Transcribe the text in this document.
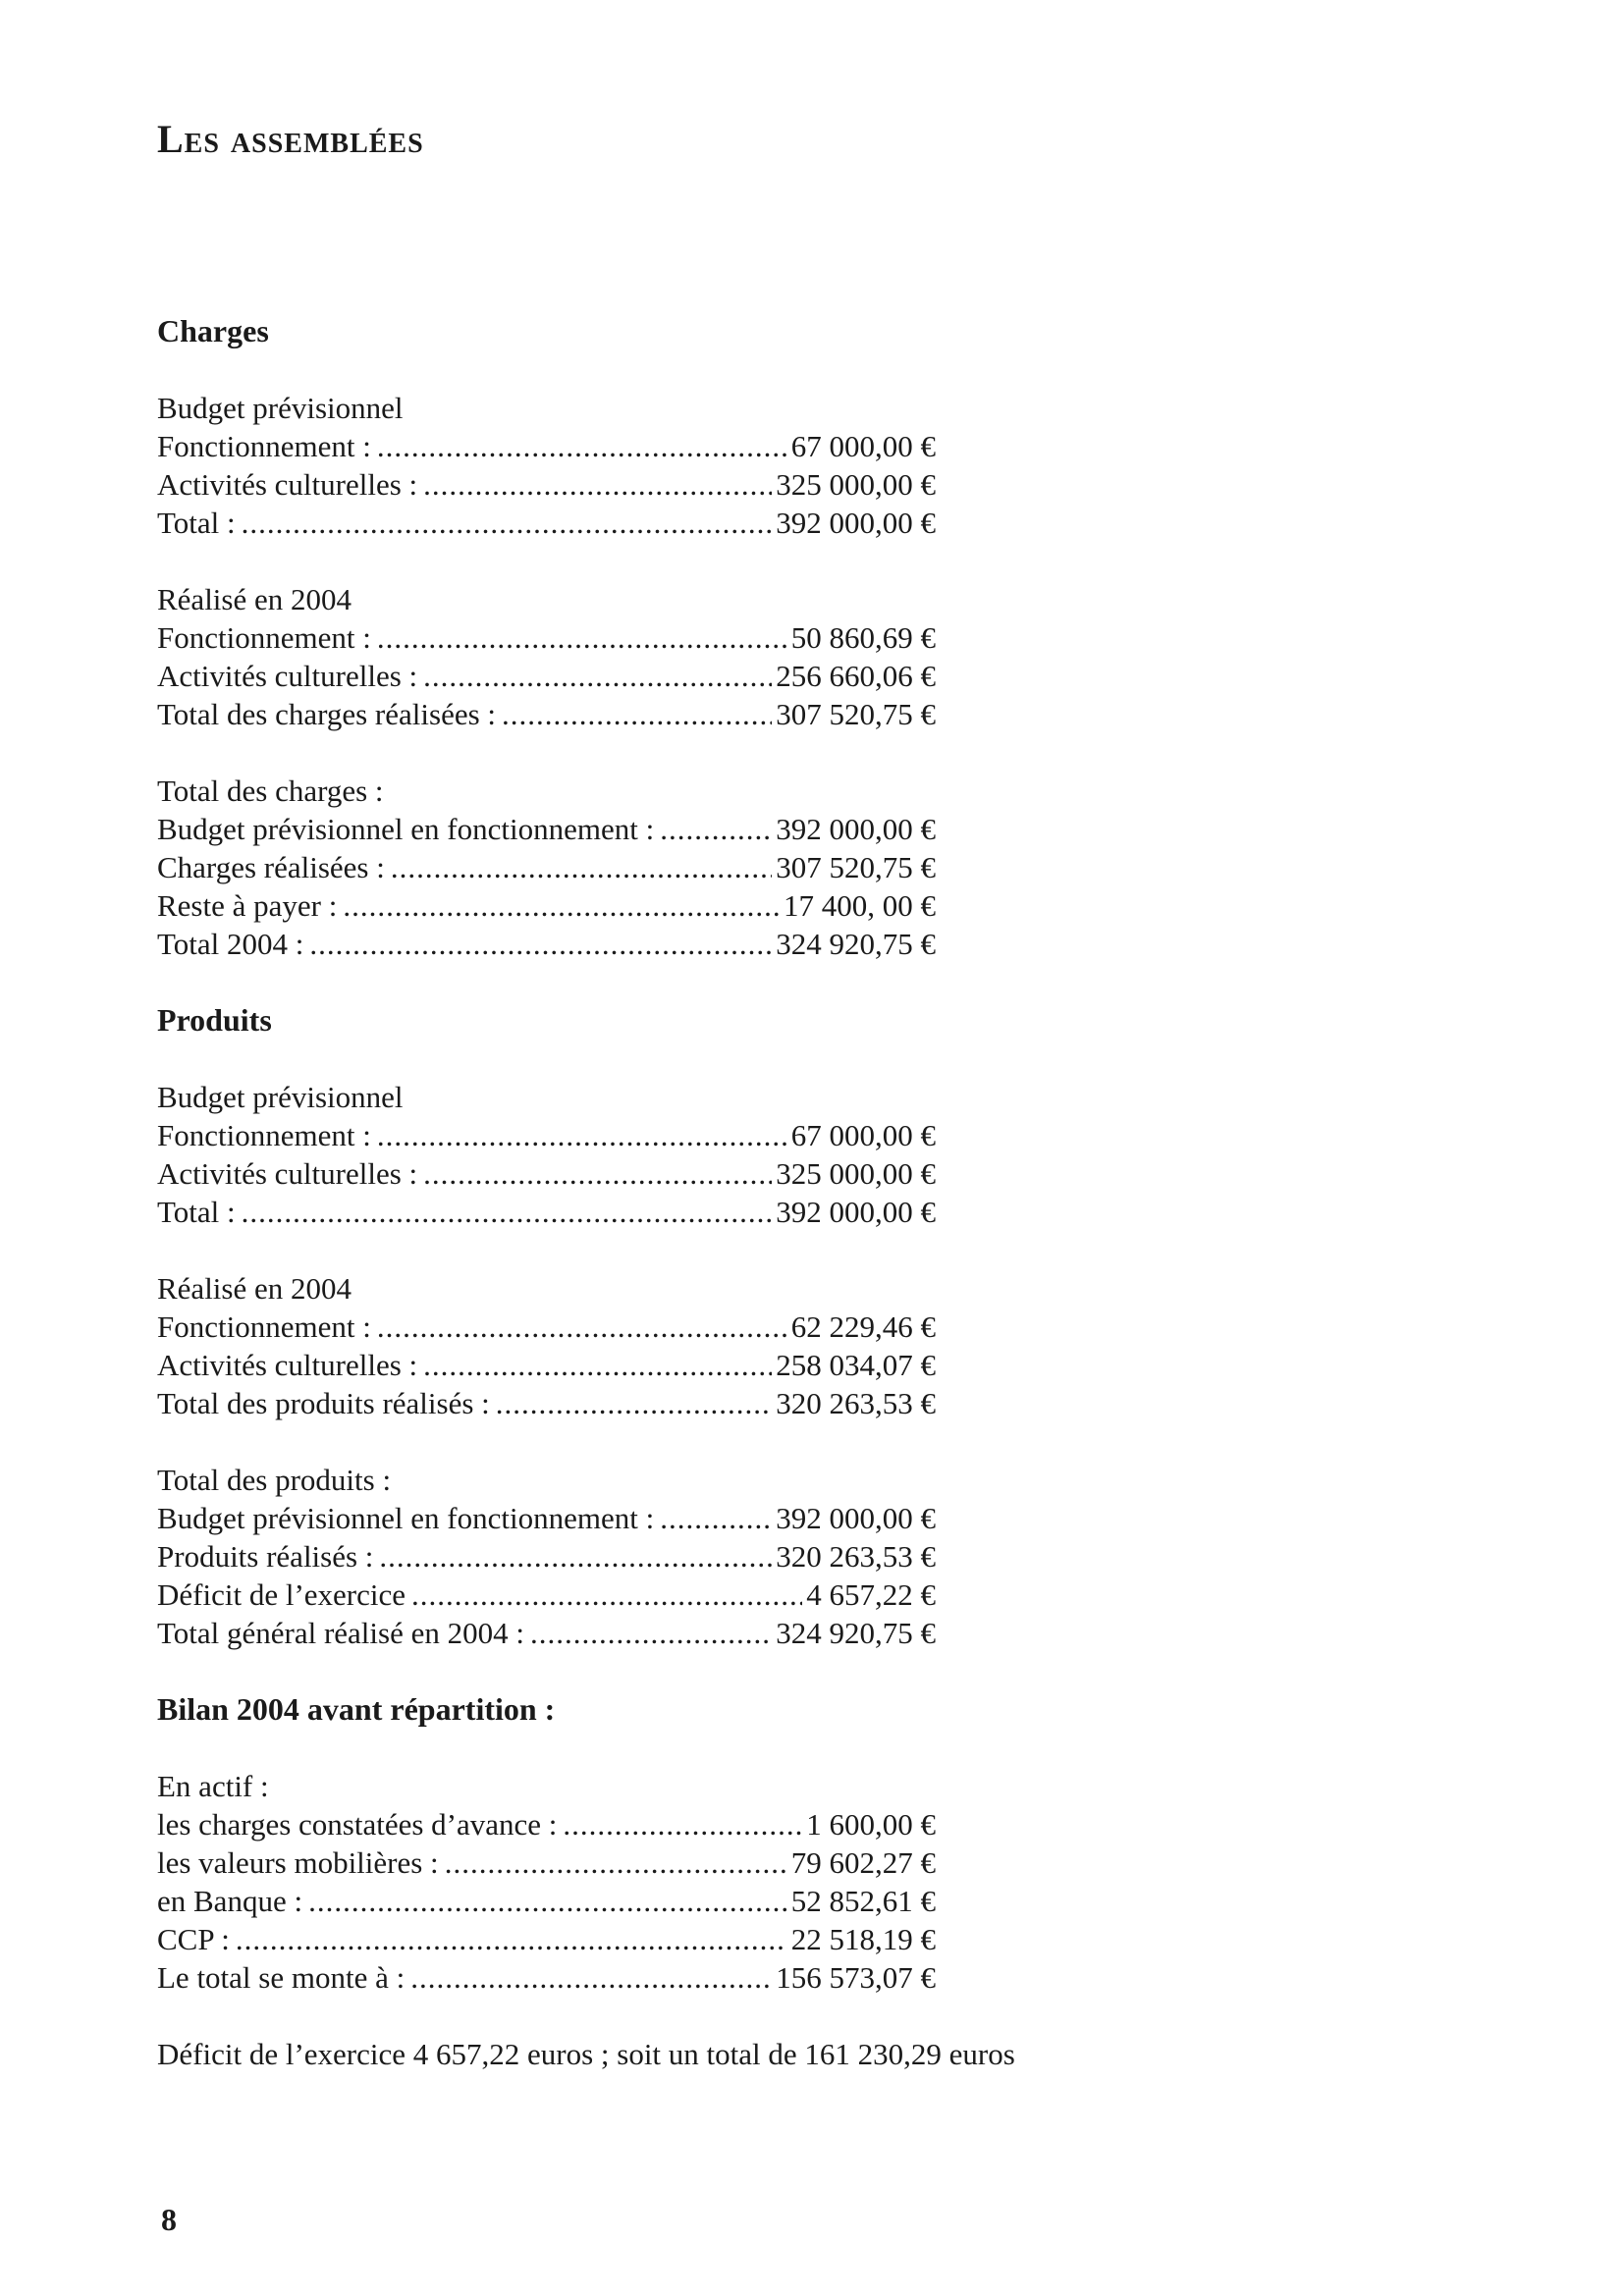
Les assemblées
Charges
Budget prévisionnel
Fonctionnement : .....	67 000,00 €
Activités culturelles : .....	325 000,00 €
Total : .....	392 000,00 €
Réalisé en 2004
Fonctionnement : .....	50 860,69 €
Activités culturelles : .....	256 660,06 €
Total des charges réalisées : .....	307 520,75 €
Total des charges :
Budget prévisionnel en fonctionnement : .....	392 000,00 €
Charges réalisées : .....	307 520,75 €
Reste à payer : .....	17 400, 00 €
Total 2004 : .....	324 920,75 €
Produits
Budget prévisionnel
Fonctionnement : .....	67 000,00 €
Activités culturelles : .....	325 000,00 €
Total : .....	392 000,00 €
Réalisé en 2004
Fonctionnement : .....	62 229,46 €
Activités culturelles : .....	258 034,07 €
Total des produits réalisés : .....	320 263,53 €
Total des produits :
Budget prévisionnel en fonctionnement : .....	392 000,00 €
Produits réalisés : .....	320 263,53 €
Déficit de l’exercice .....	4 657,22 €
Total général réalisé en 2004 : .....	324 920,75 €
Bilan 2004 avant répartition :
En actif :
les charges constatées d’avance : .....	1 600,00 €
les valeurs mobilières : .....	79 602,27 €
en Banque : .....	52 852,61 €
CCP : .....	22 518,19 €
Le total se monte à : .....	156 573,07 €
Déficit de l’exercice 4 657,22 euros ; soit un total de 161 230,29 euros
8
